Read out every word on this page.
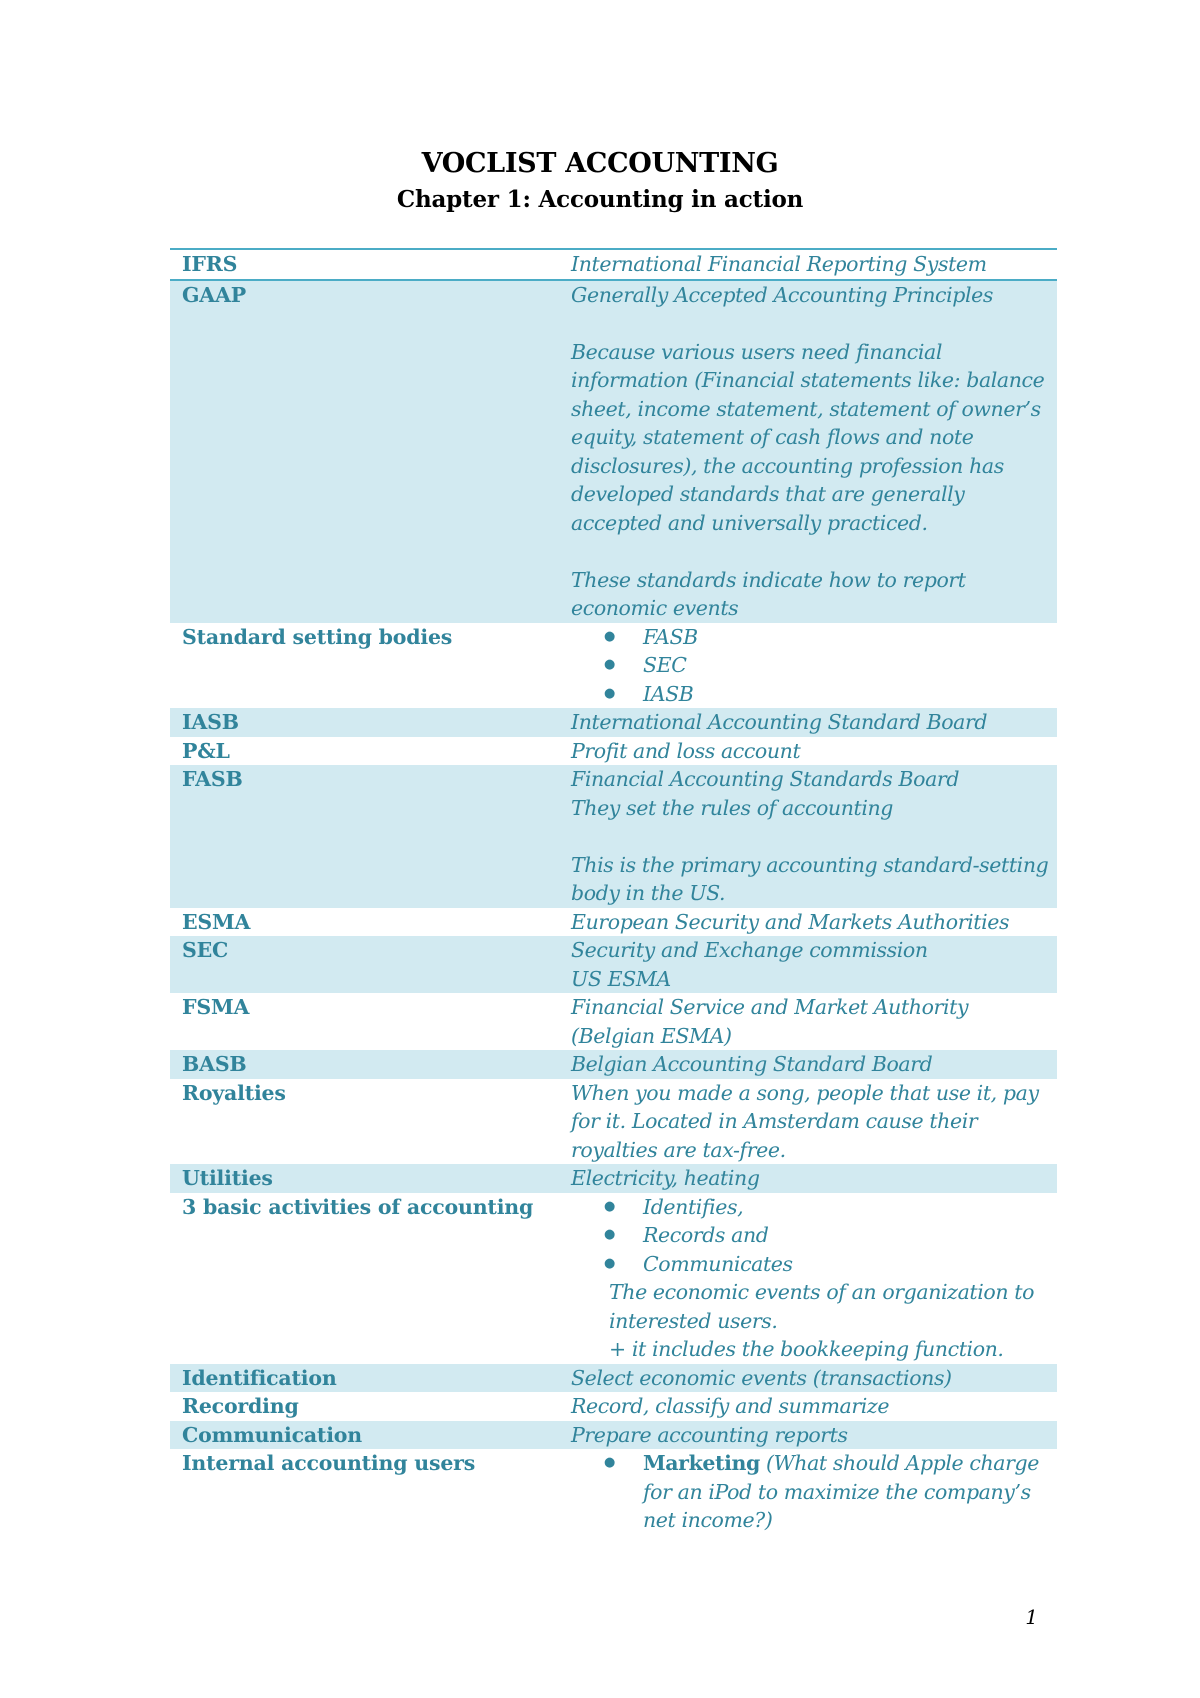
VOCLIST ACCOUNTING
Chapter 1: Accounting in action
IFRS	International Financial Reporting System
GAAP	Generally Accepted Accounting Principles
Because various users need financial information (Financial statements like: balance sheet, income statement, statement of owner’s equity, statement of cash flows and note disclosures), the accounting profession has developed standards that are generally accepted and universally practiced.
These standards indicate how to report economic events
Standard setting bodies	● FASB
● SEC
● IASB
IASB	International Accounting Standard Board
P&L	Profit and loss account
FASB	Financial Accounting Standards Board
They set the rules of accounting
This is the primary accounting standard-setting body in the US.
ESMA	European Security and Markets Authorities
SEC	Security and Exchange commission
US ESMA
FSMA	Financial Service and Market Authority
(Belgian ESMA)
BASB	Belgian Accounting Standard Board
Royalties	When you made a song, people that use it, pay for it. Located in Amsterdam cause their royalties are tax-free.
Utilities	Electricity, heating
3 basic activities of accounting	● Identifies,
● Records and
● Communicates
The economic events of an organization to interested users.
+ it includes the bookkeeping function.
Identification	Select economic events (transactions)
Recording	Record, classify and summarize
Communication	Prepare accounting reports
Internal accounting users	● Marketing (What should Apple charge for an iPod to maximize the company’s net income?)
1
